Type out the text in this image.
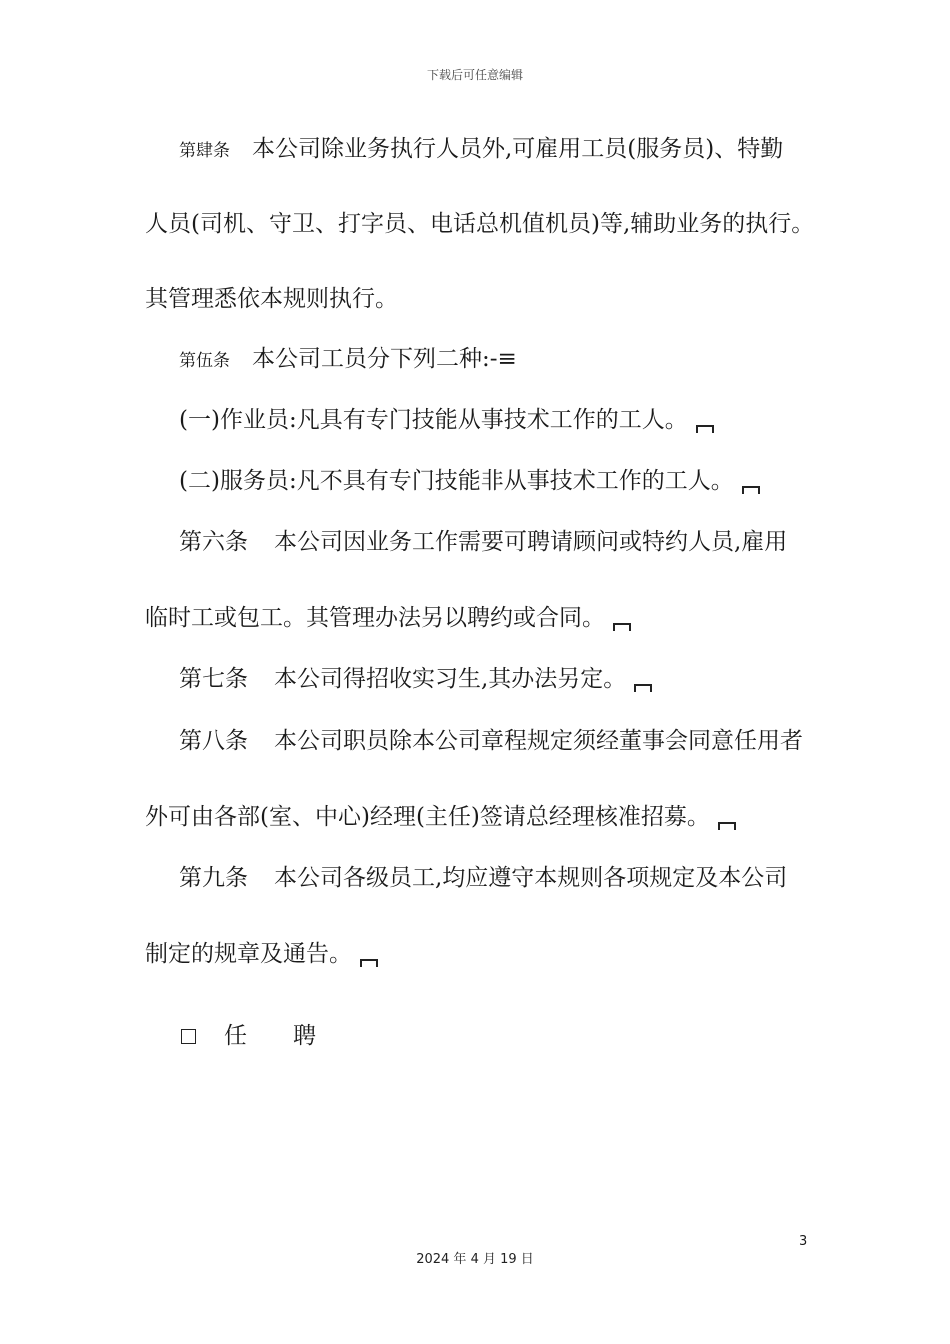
下载后可任意编辑
第肆条 本公司除业务执行人员外,可雇用工员(服务员)、特勤
人员(司机、守卫、打字员、电话总机值机员)等,辅助业务的执行。
其管理悉依本规则执行。
第伍条 本公司工员分下列二种:-≡
(一)作业员:凡具有专门技能从事技术工作的工人。
(二)服务员:凡不具有专门技能非从事技术工作的工人。
第六条 本公司因业务工作需要可聘请顾问或特约人员,雇用
临时工或包工。其管理办法另以聘约或合同。
第七条 本公司得招收实习生,其办法另定。
第八条 本公司职员除本公司章程规定须经董事会同意任用者
外可由各部(室、中心)经理(主任)签请总经理核准招募。
第九条 本公司各级员工,均应遵守本规则各项规定及本公司
制定的规章及通告。
任 聘
3
2024 年 4 月 19 日
